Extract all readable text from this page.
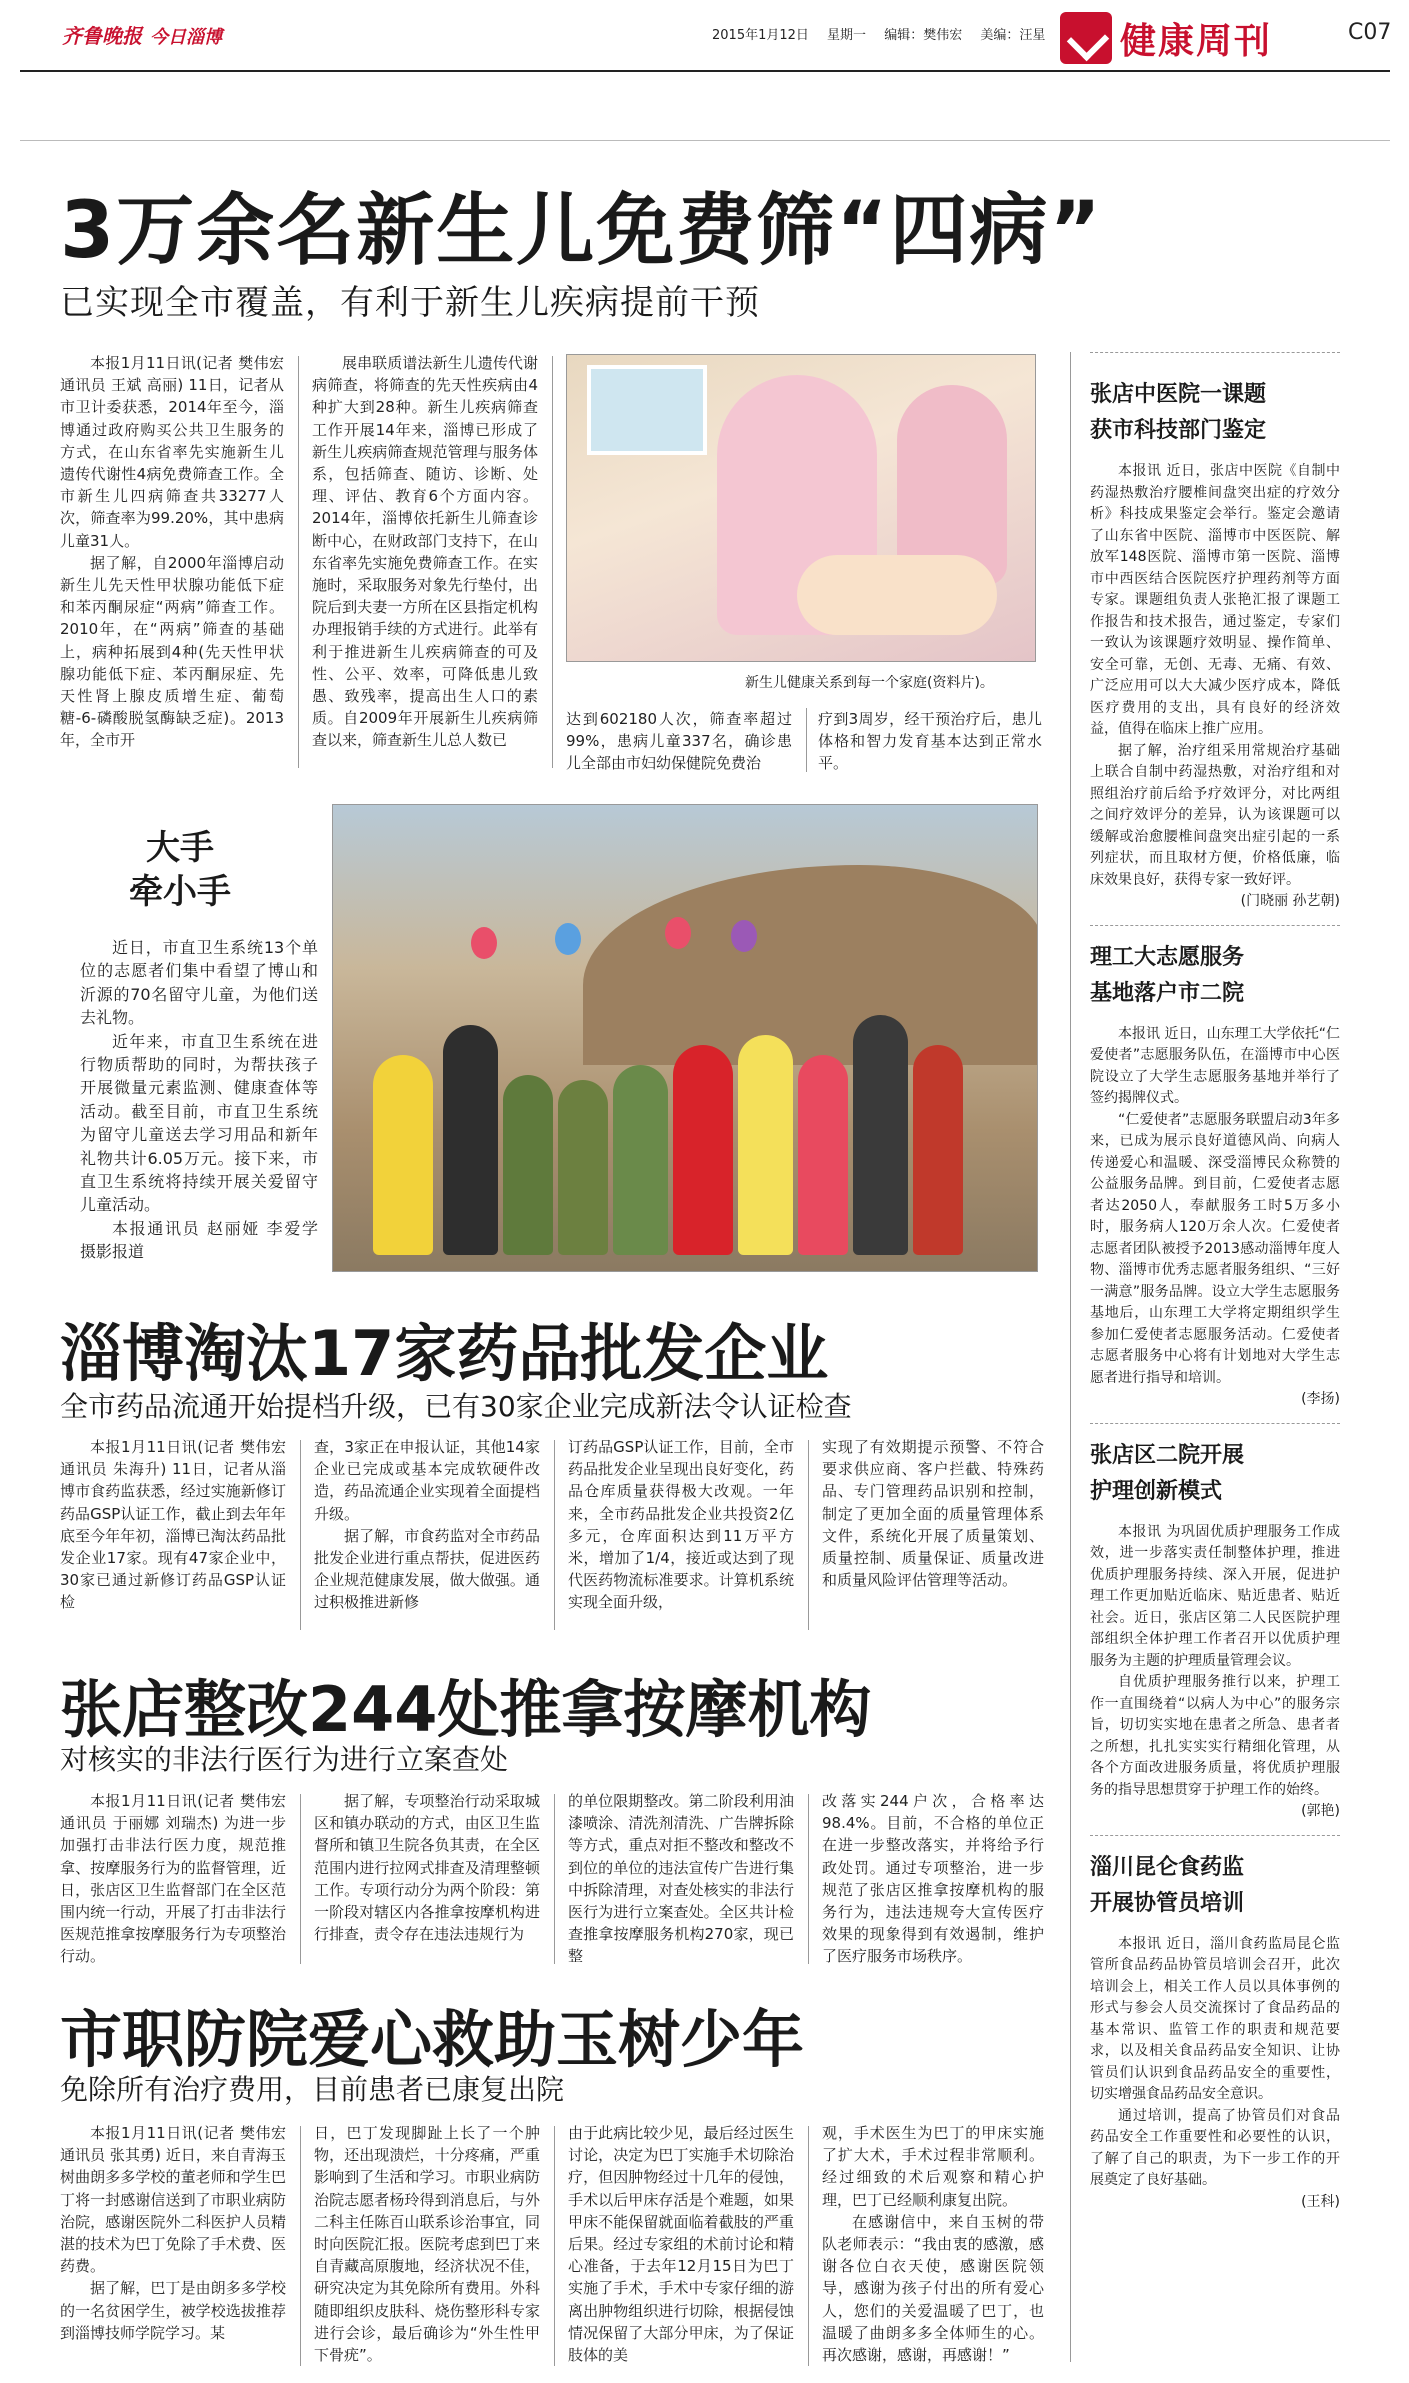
齐鲁晚报 今日淄博	2015年1月12日 星期一 编辑：樊伟宏 美编：汪星	健康周刊	C07
3万余名新生儿免费筛“四病”
已实现全市覆盖，有利于新生儿疾病提前干预

本报1月11日讯(记者 樊伟宏 通讯员 王斌 高丽) 11日，记者从市卫计委获悉，2014年至今，淄博通过政府购买公共卫生服务的方式，在山东省率先实施新生儿遗传代谢性4病免费筛查工作。全市新生儿四病筛查共33277人次，筛查率为99.20%，其中患病儿童31人。

据了解，自2000年淄博启动新生儿先天性甲状腺功能低下症和苯丙酮尿症“两病”筛查工作。2010年，在“两病”筛查的基础上，病种拓展到4种(先天性甲状腺功能低下症、苯丙酮尿症、先天性肾上腺皮质增生症、葡萄糖-6-磷酸脱氢酶缺乏症)。2013年，全市开

展串联质谱法新生儿遗传代谢病筛查，将筛查的先天性疾病由4种扩大到28种。新生儿疾病筛查工作开展14年来，淄博已形成了新生儿疾病筛查规范管理与服务体系，包括筛查、随访、诊断、处理、评估、教育6个方面内容。2014年，淄博依托新生儿筛查诊断中心，在财政部门支持下，在山东省率先实施免费筛查工作。在实施时，采取服务对象先行垫付，出院后到夫妻一方所在区县指定机构办理报销手续的方式进行。此举有利于推进新生儿疾病筛查的可及性、公平、效率，可降低患儿致愚、致残率，提高出生人口的素质。自2009年开展新生儿疾病筛查以来，筛查新生儿总人数已

新生儿健康关系到每一个家庭(资料片)。

达到602180人次，筛查率超过99%，患病儿童337名，确诊患儿全部由市妇幼保健院免费治

疗到3周岁，经干预治疗后，患儿体格和智力发育基本达到正常水平。

大手
牵小手

近日，市直卫生系统13个单位的志愿者们集中看望了博山和沂源的70名留守儿童，为他们送去礼物。

近年来，市直卫生系统在进行物质帮助的同时，为帮扶孩子开展微量元素监测、健康查体等活动。截至目前，市直卫生系统为留守儿童送去学习用品和新年礼物共计6.05万元。接下来，市直卫生系统将持续开展关爱留守儿童活动。

本报通讯员 赵丽娅 李爱学 摄影报道

淄博淘汰17家药品批发企业
全市药品流通开始提档升级，已有30家企业完成新法令认证检查

本报1月11日讯(记者 樊伟宏 通讯员 朱海升) 11日，记者从淄博市食药监获悉，经过实施新修订药品GSP认证工作，截止到去年年底至今年年初，淄博已淘汰药品批发企业17家。现有47家企业中，30家已通过新修订药品GSP认证检

查，3家正在申报认证，其他14家企业已完成或基本完成软硬件改造，药品流通企业实现着全面提档升级。

据了解，市食药监对全市药品批发企业进行重点帮扶，促进医药企业规范健康发展，做大做强。通过积极推进新修

订药品GSP认证工作，目前，全市药品批发企业呈现出良好变化，药品仓库质量获得极大改观。一年来，全市药品批发企业共投资2亿多元，仓库面积达到11万平方米，增加了1/4，接近或达到了现代医药物流标准要求。计算机系统实现全面升级，

实现了有效期提示预警、不符合要求供应商、客户拦截、特殊药品、专门管理药品识别和控制，制定了更加全面的质量管理体系文件，系统化开展了质量策划、质量控制、质量保证、质量改进和质量风险评估管理等活动。

张店整改244处推拿按摩机构
对核实的非法行医行为进行立案查处

本报1月11日讯(记者 樊伟宏 通讯员 于丽娜 刘瑞杰) 为进一步加强打击非法行医力度，规范推拿、按摩服务行为的监督管理，近日，张店区卫生监督部门在全区范围内统一行动，开展了打击非法行医规范推拿按摩服务行为专项整治行动。

据了解，专项整治行动采取城区和镇办联动的方式，由区卫生监督所和镇卫生院各负其责，在全区范围内进行拉网式排查及清理整顿工作。专项行动分为两个阶段：第一阶段对辖区内各推拿按摩机构进行排查，责令存在违法违规行为

的单位限期整改。第二阶段利用油漆喷涂、清洗剂清洗、广告牌拆除等方式，重点对拒不整改和整改不到位的单位的违法宣传广告进行集中拆除清理，对查处核实的非法行医行为进行立案查处。全区共计检查推拿按摩服务机构270家，现已整

改落实244户次，合格率达98.4%。目前，不合格的单位正在进一步整改落实，并将给予行政处罚。通过专项整治，进一步规范了张店区推拿按摩机构的服务行为，违法违规夸大宣传医疗效果的现象得到有效遏制，维护了医疗服务市场秩序。

市职防院爱心救助玉树少年
免除所有治疗费用，目前患者已康复出院

本报1月11日讯(记者 樊伟宏 通讯员 张其勇) 近日，来自青海玉树曲朗多多学校的董老师和学生巴丁将一封感谢信送到了市职业病防治院，感谢医院外二科医护人员精湛的技术为巴丁免除了手术费、医药费。

据了解，巴丁是由朗多多学校的一名贫困学生，被学校选拔推荐到淄博技师学院学习。某

日，巴丁发现脚趾上长了一个肿物，还出现溃烂，十分疼痛，严重影响到了生活和学习。市职业病防治院志愿者杨玲得到消息后，与外二科主任陈百山联系诊治事宜，同时向医院汇报。医院考虑到巴丁来自青藏高原腹地，经济状况不佳，研究决定为其免除所有费用。外科随即组织皮肤科、烧伤整形科专家进行会诊，最后确诊为“外生性甲下骨疣”。

由于此病比较少见，最后经过医生讨论，决定为巴丁实施手术切除治疗，但因肿物经过十几年的侵蚀，手术以后甲床存活是个难题，如果甲床不能保留就面临着截肢的严重后果。经过专家组的术前讨论和精心准备，于去年12月15日为巴丁实施了手术，手术中专家仔细的游离出肿物组织进行切除，根据侵蚀情况保留了大部分甲床，为了保证肢体的美

观，手术医生为巴丁的甲床实施了扩大术，手术过程非常顺利。经过细致的术后观察和精心护理，巴丁已经顺利康复出院。

在感谢信中，来自玉树的带队老师表示：“我由衷的感激，感谢各位白衣天使，感谢医院领导，感谢为孩子付出的所有爱心人，您们的关爱温暖了巴丁，也温暖了曲朗多多全体师生的心。再次感谢，感谢，再感谢！”

张店中医院一课题
获市科技部门鉴定

本报讯 近日，张店中医院《自制中药湿热敷治疗腰椎间盘突出症的疗效分析》科技成果鉴定会举行。鉴定会邀请了山东省中医院、淄博市中医医院、解放军148医院、淄博市第一医院、淄博市中西医结合医院医疗护理药剂等方面专家。课题组负责人张艳汇报了课题工作报告和技术报告，通过鉴定，专家们一致认为该课题疗效明显、操作简单、安全可靠，无创、无毒、无痛、有效、广泛应用可以大大减少医疗成本，降低医疗费用的支出，具有良好的经济效益，值得在临床上推广应用。

据了解，治疗组采用常规治疗基础上联合自制中药湿热敷，对治疗组和对照组治疗前后给予疗效评分，对比两组之间疗效评分的差异，认为该课题可以缓解或治愈腰椎间盘突出症引起的一系列症状，而且取材方便，价格低廉，临床效果良好，获得专家一致好评。

(门晓丽 孙艺朝)

理工大志愿服务
基地落户市二院

本报讯 近日，山东理工大学依托“仁爱使者”志愿服务队伍，在淄博市中心医院设立了大学生志愿服务基地并举行了签约揭牌仪式。

“仁爱使者”志愿服务联盟启动3年多来，已成为展示良好道德风尚、向病人传递爱心和温暖、深受淄博民众称赞的公益服务品牌。到目前，仁爱使者志愿者达2050人，奉献服务工时5万多小时，服务病人120万余人次。仁爱使者志愿者团队被授予2013感动淄博年度人物、淄博市优秀志愿者服务组织、“三好一满意”服务品牌。设立大学生志愿服务基地后，山东理工大学将定期组织学生参加仁爱使者志愿服务活动。仁爱使者志愿者服务中心将有计划地对大学生志愿者进行指导和培训。

(李扬)

张店区二院开展
护理创新模式

本报讯 为巩固优质护理服务工作成效，进一步落实责任制整体护理，推进优质护理服务持续、深入开展，促进护理工作更加贴近临床、贴近患者、贴近社会。近日，张店区第二人民医院护理部组织全体护理工作者召开以优质护理服务为主题的护理质量管理会议。

自优质护理服务推行以来，护理工作一直围绕着“以病人为中心”的服务宗旨，切切实实地在患者之所急、患者者之所想，扎扎实实实行精细化管理，从各个方面改进服务质量，将优质护理服务的指导思想贯穿于护理工作的始终。

(郭艳)

淄川昆仑食药监
开展协管员培训

本报讯 近日，淄川食药监局昆仑监管所食品药品协管员培训会召开，此次培训会上，相关工作人员以具体事例的形式与参会人员交流探讨了食品药品的基本常识、监管工作的职责和规范要求，以及相关食品药品安全知识、让协管员们认识到食品药品安全的重要性，切实增强食品药品安全意识。

通过培训，提高了协管员们对食品药品安全工作重要性和必要性的认识，了解了自己的职责，为下一步工作的开展奠定了良好基础。

(王科)
